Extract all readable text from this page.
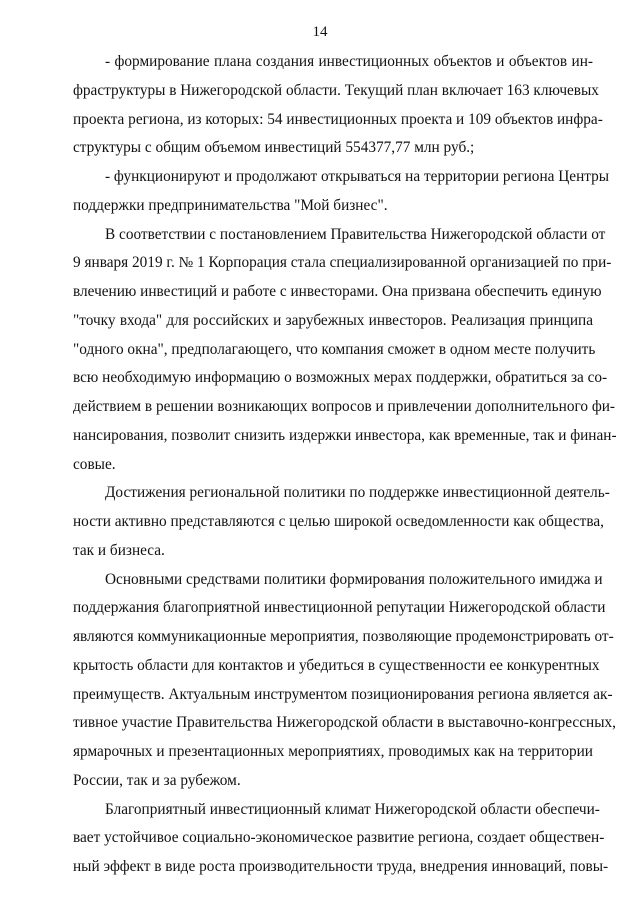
14
- формирование плана создания инвестиционных объектов и объектов ин-
фраструктуры в Нижегородской области. Текущий план включает 163 ключевых
проекта региона, из которых: 54 инвестиционных проекта и 109 объектов инфра-
структуры с общим объемом инвестиций 554377,77 млн руб.;
- функционируют и продолжают открываться на территории региона Центры
поддержки предпринимательства "Мой бизнес".
В соответствии с постановлением Правительства Нижегородской области от
9 января 2019 г. № 1 Корпорация стала специализированной организацией по при-
влечению инвестиций и работе с инвесторами. Она призвана обеспечить единую
"точку входа" для российских и зарубежных инвесторов. Реализация принципа
"одного окна", предполагающего, что компания сможет в одном месте получить
всю необходимую информацию о возможных мерах поддержки, обратиться за со-
действием в решении возникающих вопросов и привлечении дополнительного фи-
нансирования, позволит снизить издержки инвестора, как временные, так и финан-
совые.
Достижения региональной политики по поддержке инвестиционной деятель-
ности активно представляются с целью широкой осведомленности как общества,
так и бизнеса.
Основными средствами политики формирования положительного имиджа и
поддержания благоприятной инвестиционной репутации Нижегородской области
являются коммуникационные мероприятия, позволяющие продемонстрировать от-
крытость области для контактов и убедиться в существенности ее конкурентных
преимуществ. Актуальным инструментом позиционирования региона является ак-
тивное участие Правительства Нижегородской области в выставочно-конгрессных,
ярмарочных и презентационных мероприятиях, проводимых как на территории
России, так и за рубежом.
Благоприятный инвестиционный климат Нижегородской области обеспечи-
вает устойчивое социально-экономическое развитие региона, создает обществен-
ный эффект в виде роста производительности труда, внедрения инноваций, повы-
